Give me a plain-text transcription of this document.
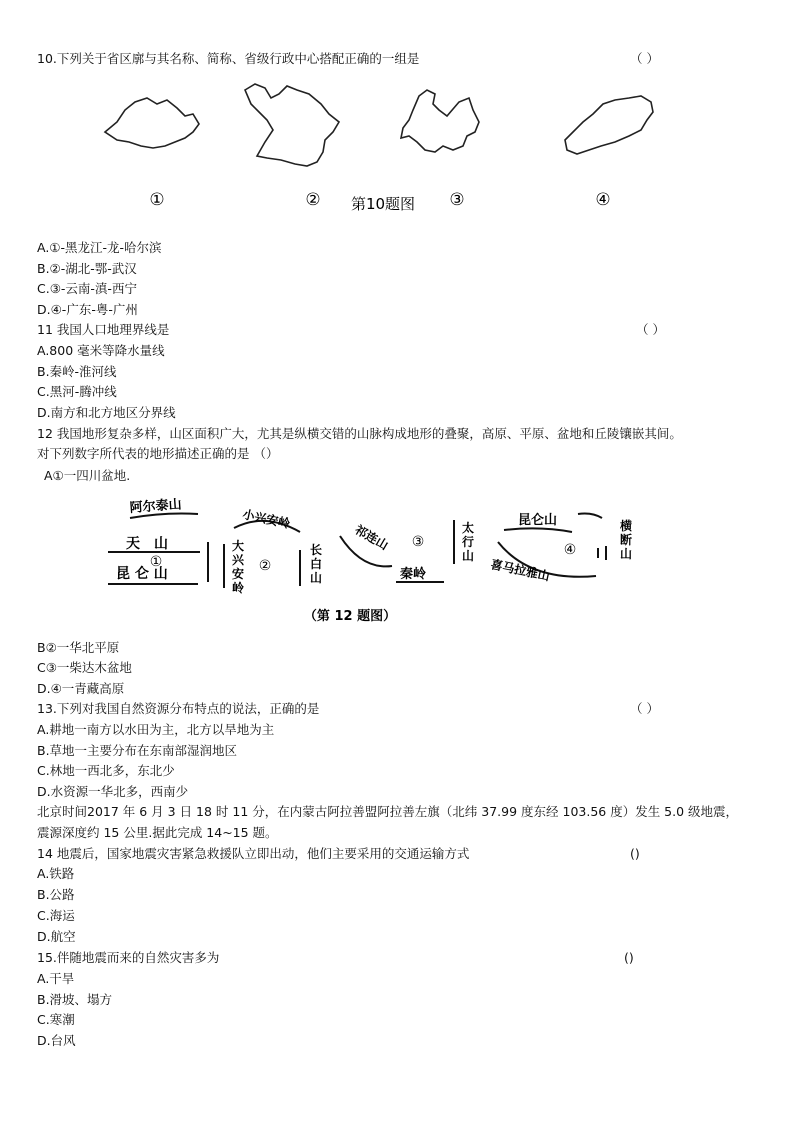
10.下列关于省区廓与其名称、简称、省级行政中心搭配正确的一组是	（ ）
①	② 第10题图 ③	④
A.①-黑龙江-龙-哈尔滨
B.②-湖北-鄂-武汉
C.③-云南-滇-西宁
D.④-广东-粤-广州
11 我国人口地理界线是	（ ）
A.800 毫米等降水量线
B.秦岭-淮河线
C.黑河-腾冲线
D.南方和北方地区分界线
12 我国地形复杂多样，山区面积广大，尤其是纵横交错的山脉构成地形的叠聚，高原、平原、盆地和丘陵镶嵌其间。
对下列数字所代表的地形描述正确的是 （）
A①一四川盆地.
阿尔泰山
天　山
①
昆 仑 山
小兴安岭
大兴安岭
②
长白山
祁连山 ③
太行山
秦岭
昆仑山
④
横断山
喜马拉雅山
（第 12 题图）
B②一华北平原
C③一柴达木盆地
D.④一青藏高原
13.下列对我国自然资源分布特点的说法，正确的是	（ ）
A.耕地一南方以水田为主，北方以旱地为主
B.草地一主要分布在东南部湿润地区
C.林地一西北多，东北少
D.水资源一华北多，西南少
北京时间2017 年 6 月 3 日 18 时 11 分，在内蒙古阿拉善盟阿拉善左旗（北纬 37.99 度东经 103.56 度）发生 5.0 级地震，
震源深度约 15 公里.据此完成 14~15 题。
14 地震后，国家地震灾害紧急救援队立即出动，他们主要采用的交通运输方式	()
A.铁路
B.公路
C.海运
D.航空
15.伴随地震而来的自然灾害多为	()
A.干旱
B.滑坡、塌方
C.寒潮
D.台风
